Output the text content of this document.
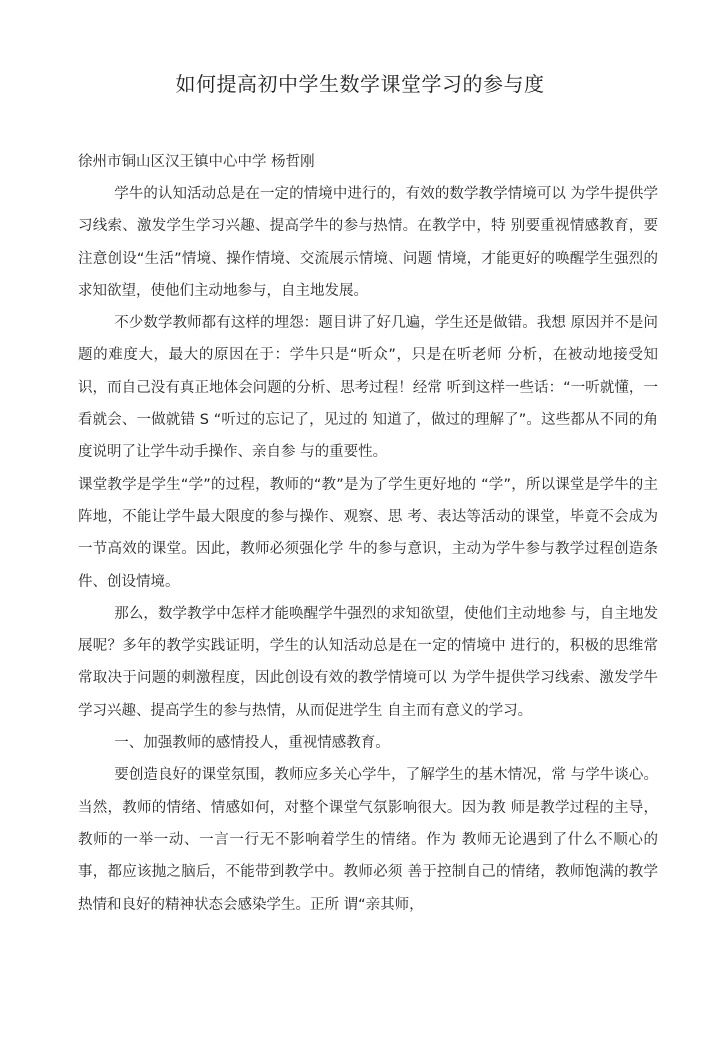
如何提高初中学生数学课堂学习的参与度

徐州市铜山区汉王镇中心中学 杨哲刚

学牛的认知活动总是在一定的情境中进行的，有效的数学教学情境可以 为学牛提供学习线索、激发学生学习兴趣、提高学牛的参与热情。在教学中，特 别要重视情感教育，要注意创设“生活”情境、操作情境、交流展示情境、问题 情境，才能更好的唤醒学生强烈的求知欲望，使他们主动地参与，自主地发展。

不少数学教师都有这样的埋怨：题目讲了好几遍，学生还是做错。我想 原因并不是问题的难度大，最大的原因在于：学牛只是“听众”，只是在听老师 分析，在被动地接受知识，而自己没有真正地体会问题的分析、思考过程！经常 听到这样一些话：“一听就懂，一看就会、一做就错 S “听过的忘记了，见过的 知道了，做过的理解了”。这些都从不同的角度说明了让学牛动手操作、亲自参 与的重要性。

课堂教学是学生“学”的过程，教师的“教”是为了学生更好地的 “学”，所以课堂是学牛的主阵地，不能让学牛最大限度的参与操作、观察、思 考、表达等活动的课堂，毕竟不会成为一节高效的课堂。因此，教师必须强化学 牛的参与意识，主动为学牛参与教学过程创造条件、创设情境。

那么，数学教学中怎样才能唤醒学牛强烈的求知欲望，使他们主动地参 与，自主地发展呢？多年的教学实践证明，学生的认知活动总是在一定的情境中 进行的，积极的思维常常取决于问题的刺激程度，因此创设有效的教学情境可以 为学牛提供学习线索、激发学牛学习兴趣、提高学生的参与热情，从而促进学生 自主而有意义的学习。

一、加强教师的感情投人，重视情感教育。

要创造良好的课堂氛围，教师应多关心学牛，了解学生的基木情况，常 与学牛谈心。当然，教师的情绪、情感如何，对整个课堂气氛影响很大。因为教 师是教学过程的主导，教师的一举一动、一言一行无不影响着学生的情绪。作为 教师无论遇到了什么不顺心的事，都应该抛之脑后，不能带到教学中。教师必须 善于控制自己的情绪，教师饱满的教学热情和良好的精神状态会感染学生。正所 谓“亲其师，
